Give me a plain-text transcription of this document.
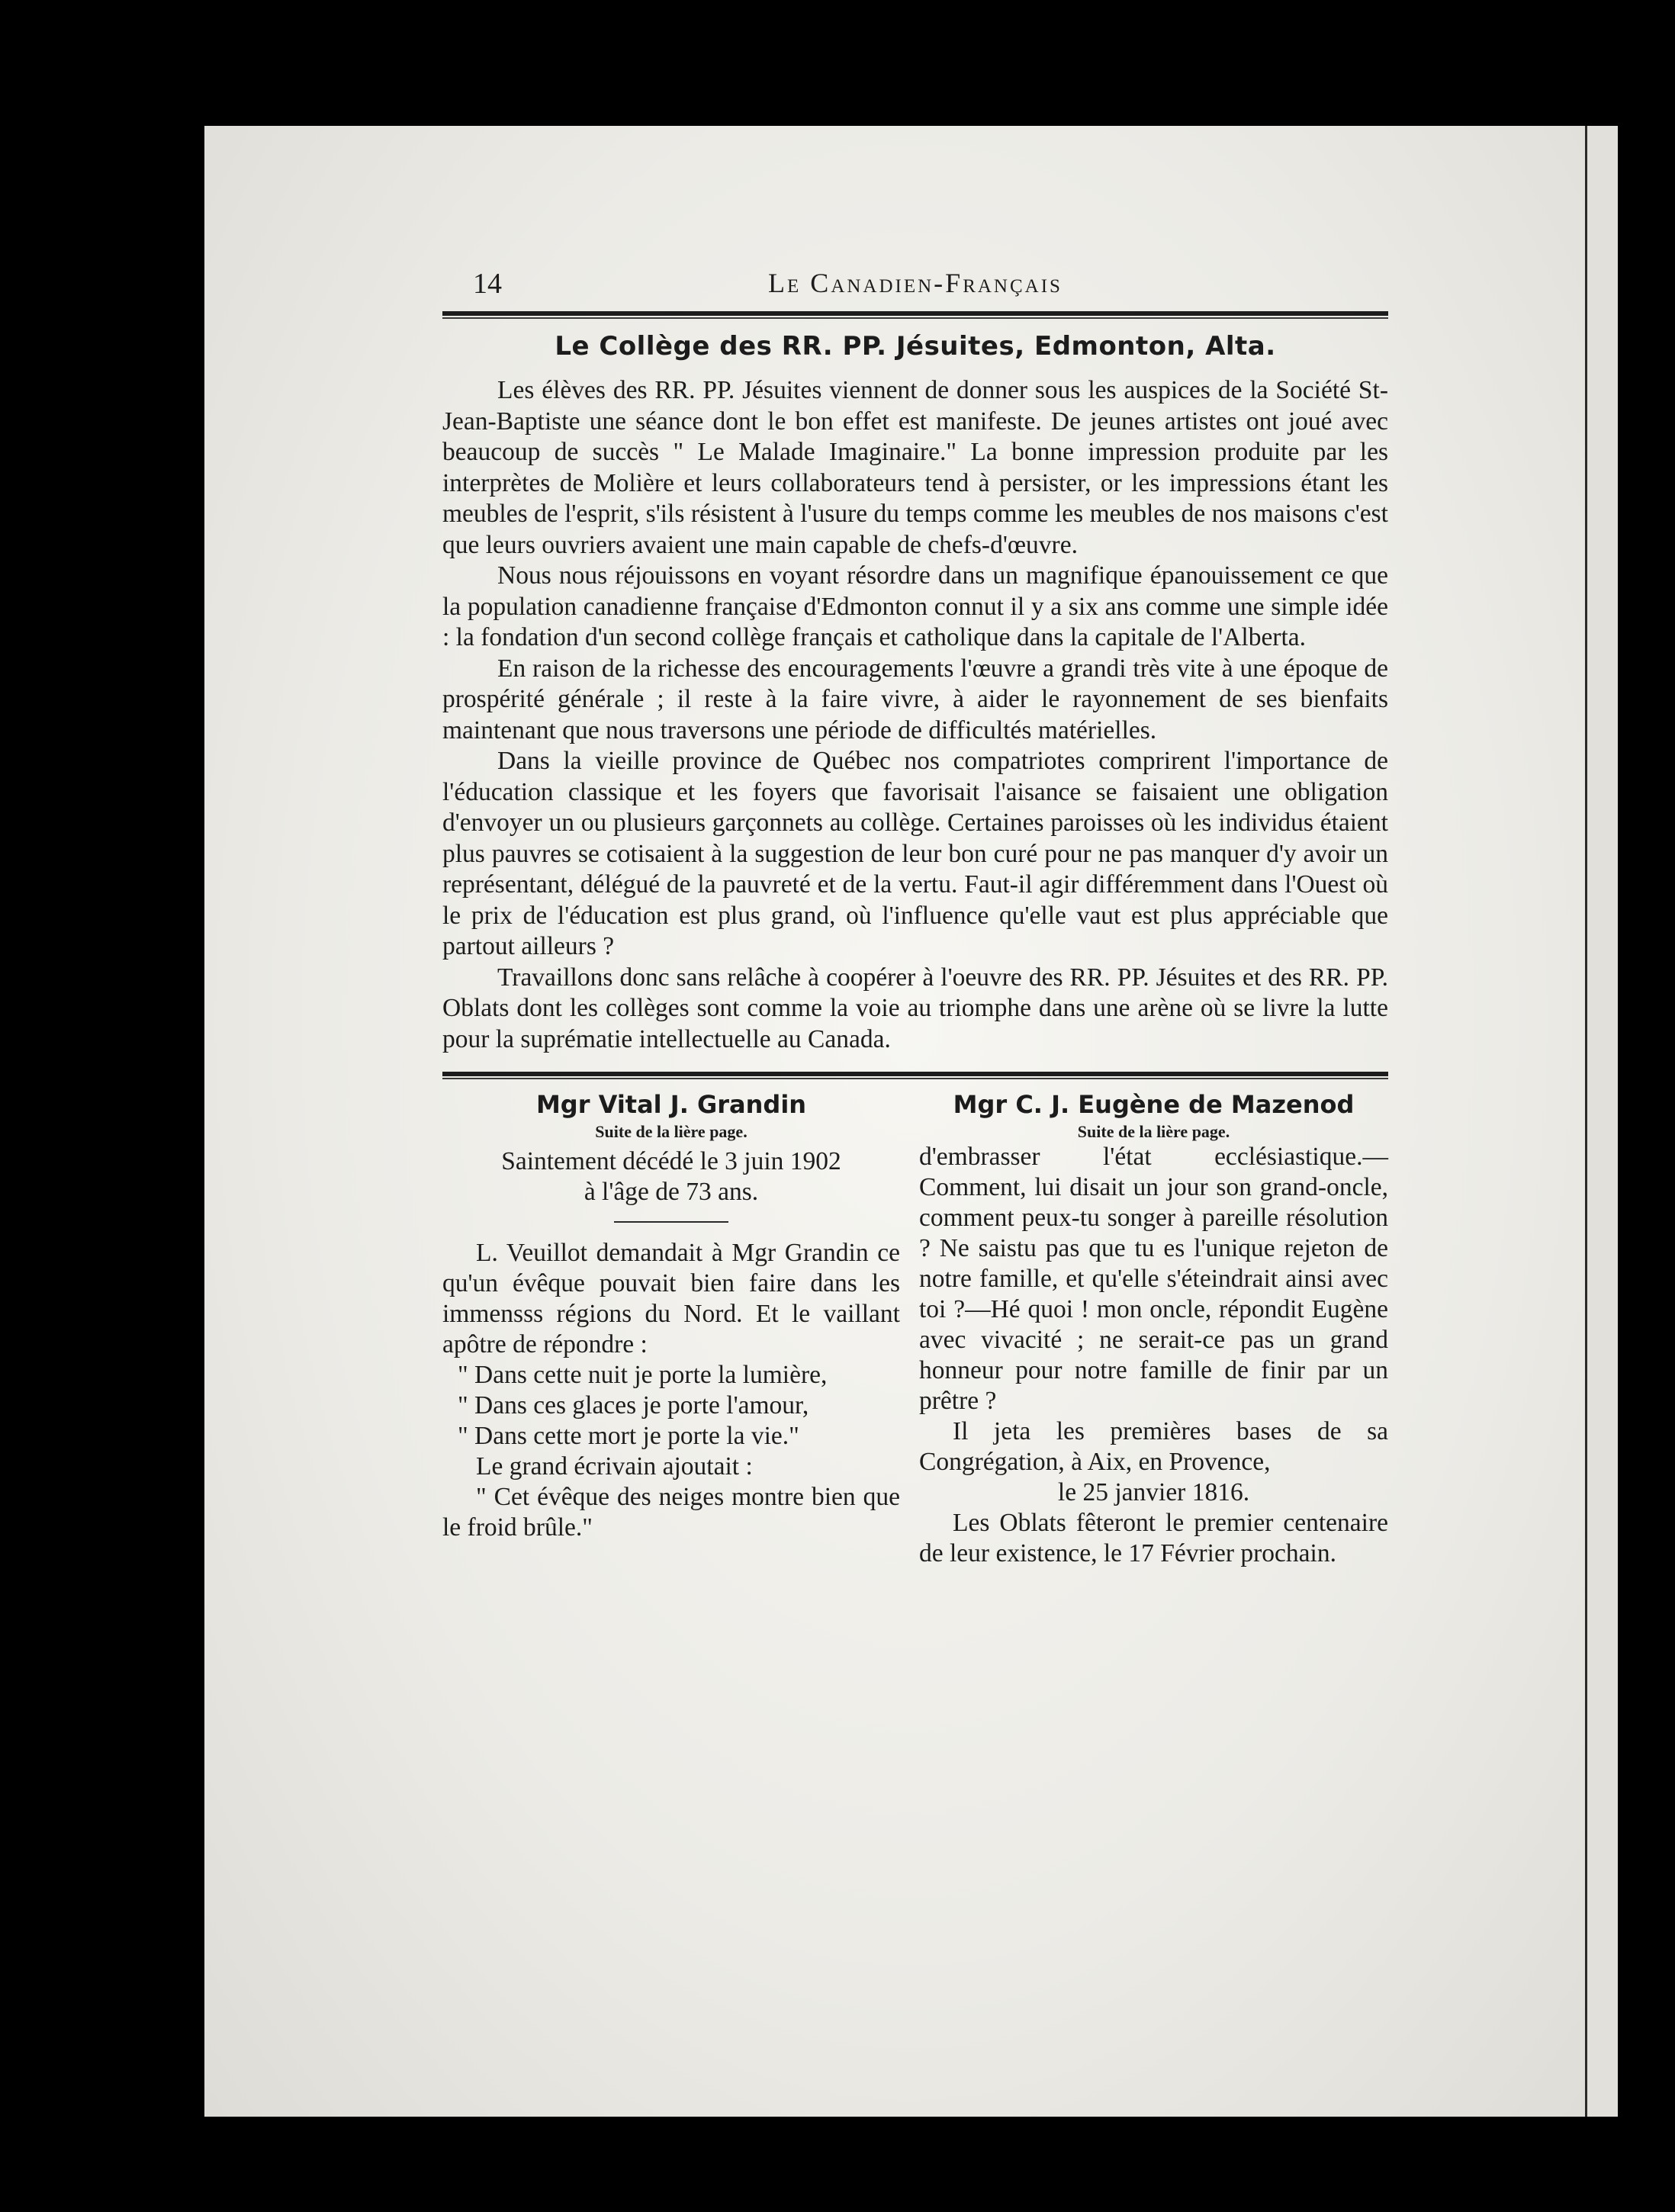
14	Le Canadien-Français
Le Collège des RR. PP. Jésuites, Edmonton, Alta.

Les élèves des RR. PP. Jésuites viennent de donner sous les auspices de la Société St-Jean-Baptiste une séance dont le bon effet est manifeste. De jeunes artistes ont joué avec beaucoup de succès " Le Malade Imaginaire." La bonne impression produite par les interprètes de Molière et leurs collaborateurs tend à persister, or les impressions étant les meubles de l'esprit, s'ils résistent à l'usure du temps comme les meubles de nos maisons c'est que leurs ouvriers avaient une main capable de chefs-d'œuvre.

Nous nous réjouissons en voyant résordre dans un magnifique épanouissement ce que la population canadienne française d'Edmonton connut il y a six ans comme une simple idée : la fondation d'un second collège français et catholique dans la capitale de l'Alberta.

En raison de la richesse des encouragements l'œuvre a grandi très vite à une époque de prospérité générale ; il reste à la faire vivre, à aider le rayonnement de ses bienfaits maintenant que nous traversons une période de difficultés matérielles.

Dans la vieille province de Québec nos compatriotes comprirent l'importance de l'éducation classique et les foyers que favorisait l'aisance se faisaient une obligation d'envoyer un ou plusieurs garçonnets au collège. Certaines paroisses où les individus étaient plus pauvres se cotisaient à la suggestion de leur bon curé pour ne pas manquer d'y avoir un représentant, délégué de la pauvreté et de la vertu. Faut-il agir différemment dans l'Ouest où le prix de l'éducation est plus grand, où l'influence qu'elle vaut est plus appréciable que partout ailleurs ?

Travaillons donc sans relâche à coopérer à l'oeuvre des RR. PP. Jésuites et des RR. PP. Oblats dont les collèges sont comme la voie au triomphe dans une arène où se livre la lutte pour la suprématie intellectuelle au Canada.

Mgr Vital J. Grandin
Suite de la lière page.

Saintement décédé le 3 juin 1902

à l'âge de 73 ans.

L. Veuillot demandait à Mgr Grandin ce qu'un évêque pouvait bien faire dans les immensss régions du Nord. Et le vaillant apôtre de répondre :

" Dans cette nuit je porte la lumière,

" Dans ces glaces je porte l'amour,

" Dans cette mort je porte la vie."

Le grand écrivain ajoutait :

" Cet évêque des neiges montre bien que le froid brûle."

Mgr C. J. Eugène de Mazenod
Suite de la lière page.

d'embrasser l'état ecclésiastique.— Comment, lui disait un jour son grand-oncle, comment peux-tu songer à pareille résolution ? Ne saistu pas que tu es l'unique rejeton de notre famille, et qu'elle s'éteindrait ainsi avec toi ?—Hé quoi ! mon oncle, répondit Eugène avec vivacité ; ne serait-ce pas un grand honneur pour notre famille de finir par un prêtre ?

Il jeta les premières bases de sa Congrégation, à Aix, en Provence,

le 25 janvier 1816.

Les Oblats fêteront le premier centenaire de leur existence, le 17 Février prochain.
